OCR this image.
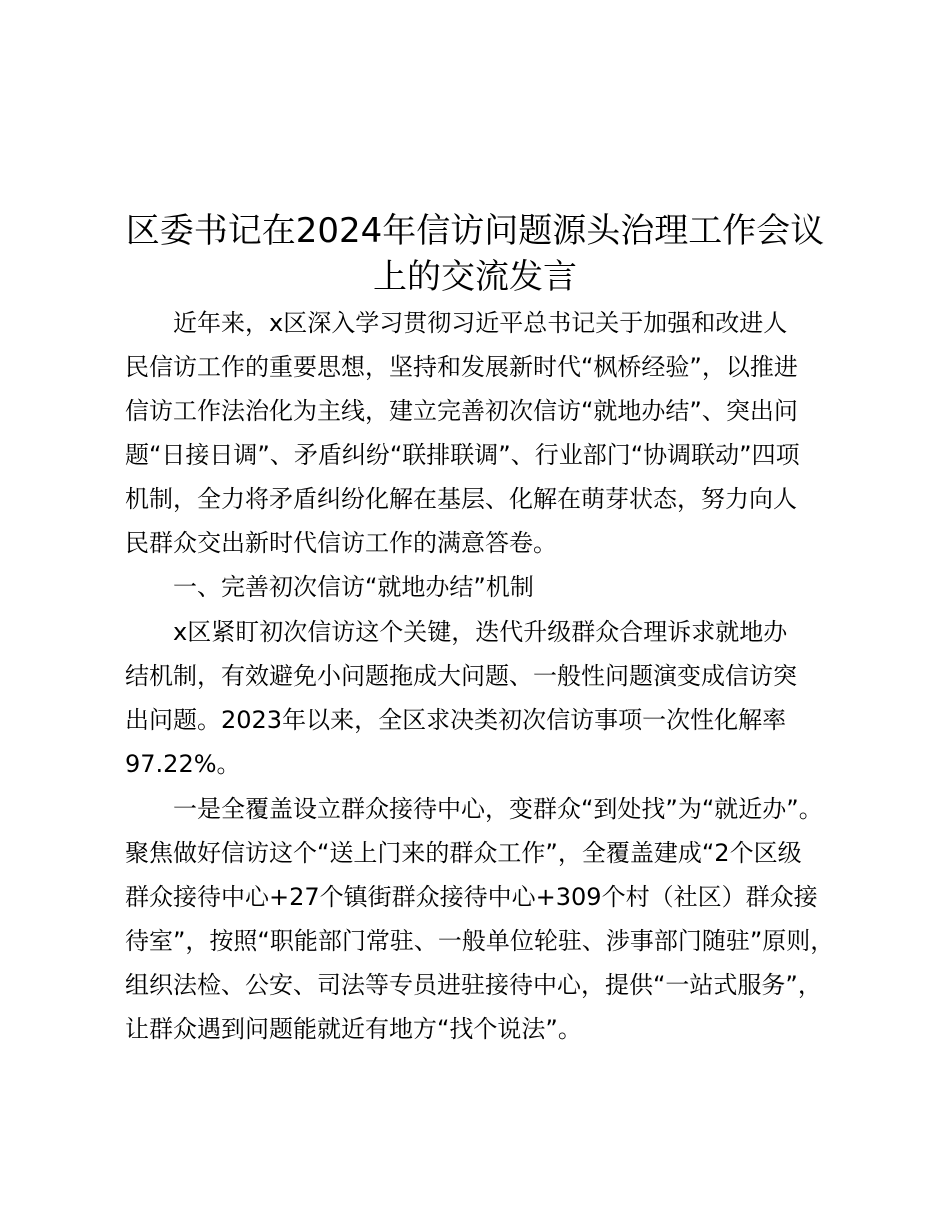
区委书记在2024年信访问题源头治理工作会议
上的交流发言

近年来，x区深入学习贯彻习近平总书记关于加强和改进人

民信访工作的重要思想，坚持和发展新时代“枫桥经验”，以推进

信访工作法治化为主线，建立完善初次信访“就地办结”、突出问

题“日接日调”、矛盾纠纷“联排联调”、行业部门“协调联动”四项

机制，全力将矛盾纠纷化解在基层、化解在萌芽状态，努力向人

民群众交出新时代信访工作的满意答卷。

一、完善初次信访“就地办结”机制

x区紧盯初次信访这个关键，迭代升级群众合理诉求就地办

结机制，有效避免小问题拖成大问题、一般性问题演变成信访突

出问题。2023年以来，全区求决类初次信访事项一次性化解率

97.22%。

一是全覆盖设立群众接待中心，变群众“到处找”为“就近办”。

聚焦做好信访这个“送上门来的群众工作”，全覆盖建成“2个区级

群众接待中心+27个镇街群众接待中心+309个村（社区）群众接

待室”，按照“职能部门常驻、一般单位轮驻、涉事部门随驻”原则，

组织法检、公安、司法等专员进驻接待中心，提供“一站式服务”，

让群众遇到问题能就近有地方“找个说法”。
